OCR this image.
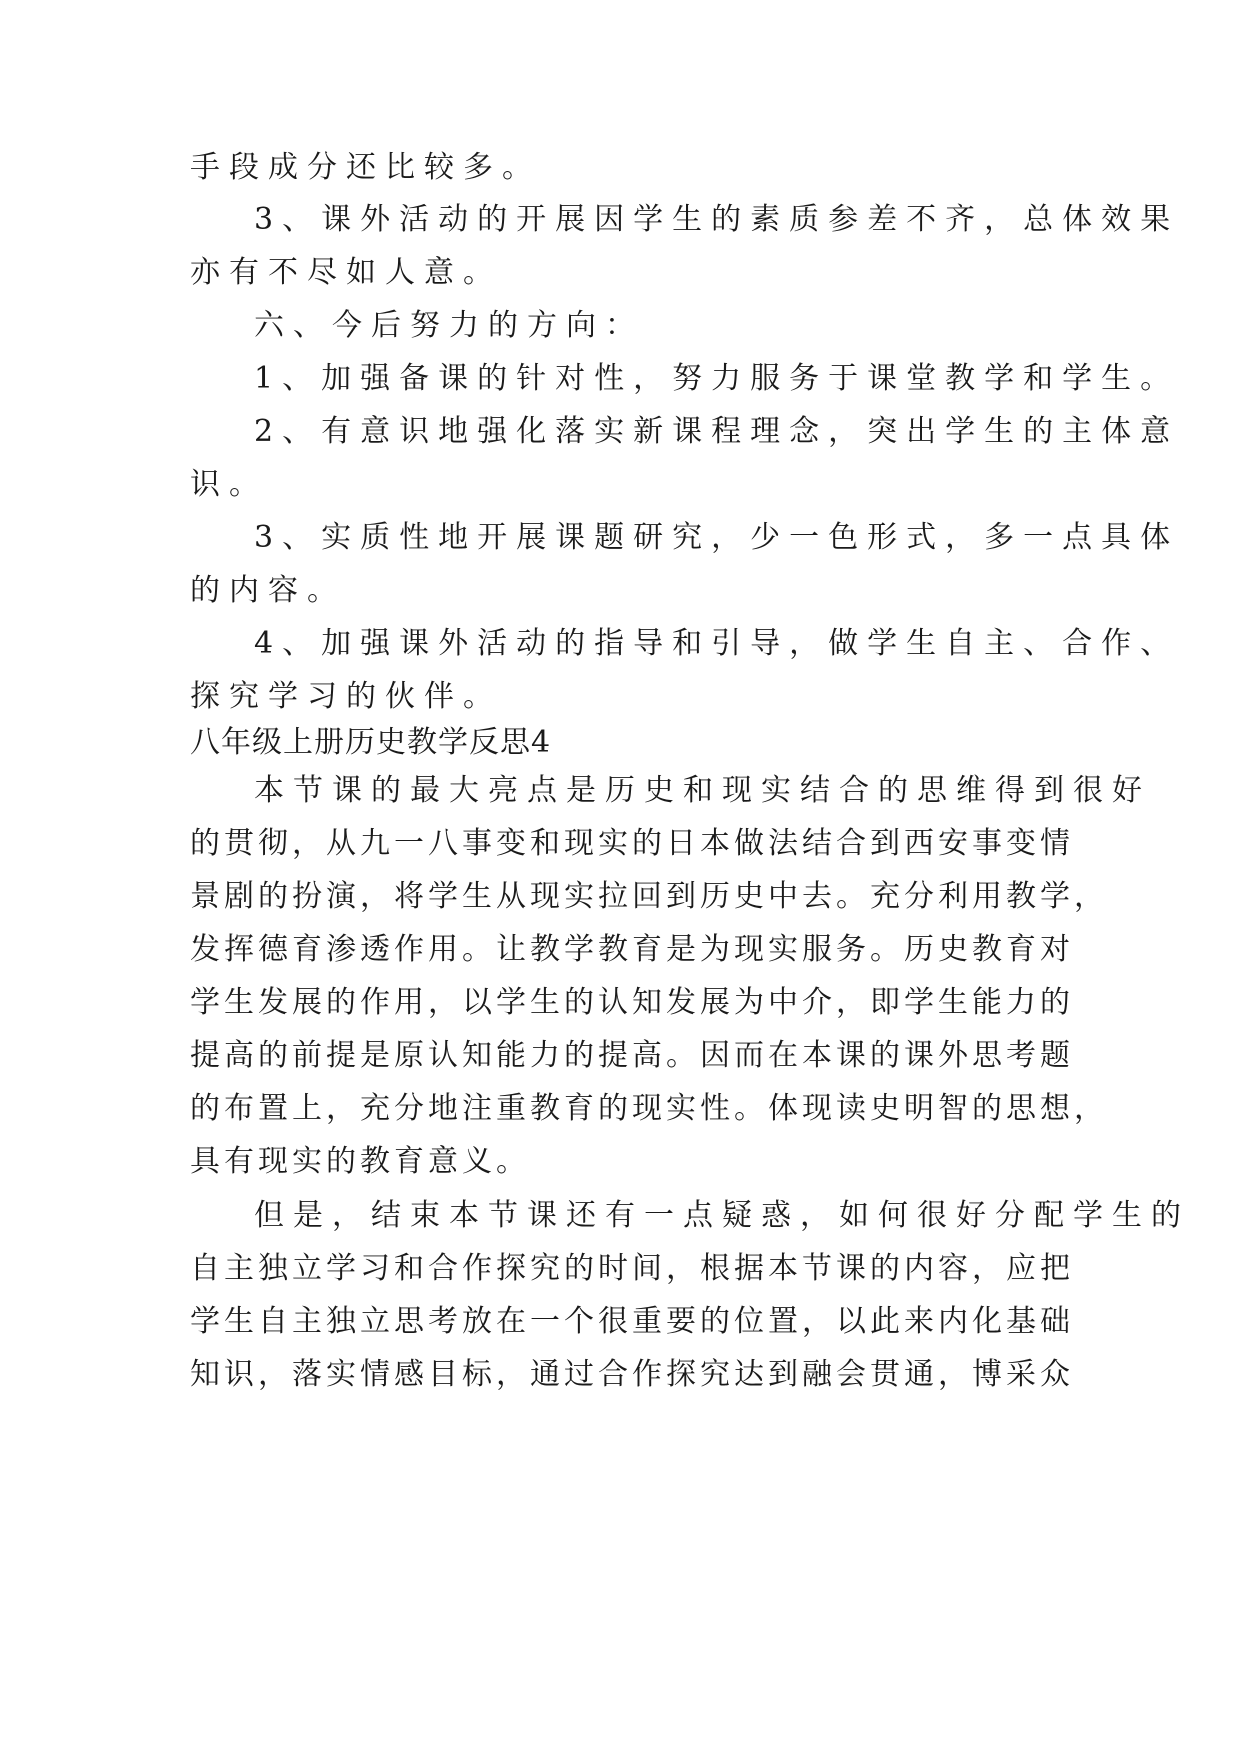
手段成分还比较多。
3、课外活动的开展因学生的素质参差不齐，总体效果
亦有不尽如人意。
六、今后努力的方向：
1、加强备课的针对性，努力服务于课堂教学和学生。
2、有意识地强化落实新课程理念，突出学生的主体意
识。
3、实质性地开展课题研究，少一色形式，多一点具体
的内容。
4、加强课外活动的指导和引导，做学生自主、合作、
探究学习的伙伴。
八年级上册历史教学反思4
本节课的最大亮点是历史和现实结合的思维得到很好
的贯彻，从九一八事变和现实的日本做法结合到西安事变情
景剧的扮演，将学生从现实拉回到历史中去。充分利用教学，
发挥德育渗透作用。让教学教育是为现实服务。历史教育对
学生发展的作用，以学生的认知发展为中介，即学生能力的
提高的前提是原认知能力的提高。因而在本课的课外思考题
的布置上，充分地注重教育的现实性。体现读史明智的思想，
具有现实的教育意义。
但是，结束本节课还有一点疑惑，如何很好分配学生的
自主独立学习和合作探究的时间，根据本节课的内容，应把
学生自主独立思考放在一个很重要的位置，以此来内化基础
知识，落实情感目标，通过合作探究达到融会贯通，博采众
